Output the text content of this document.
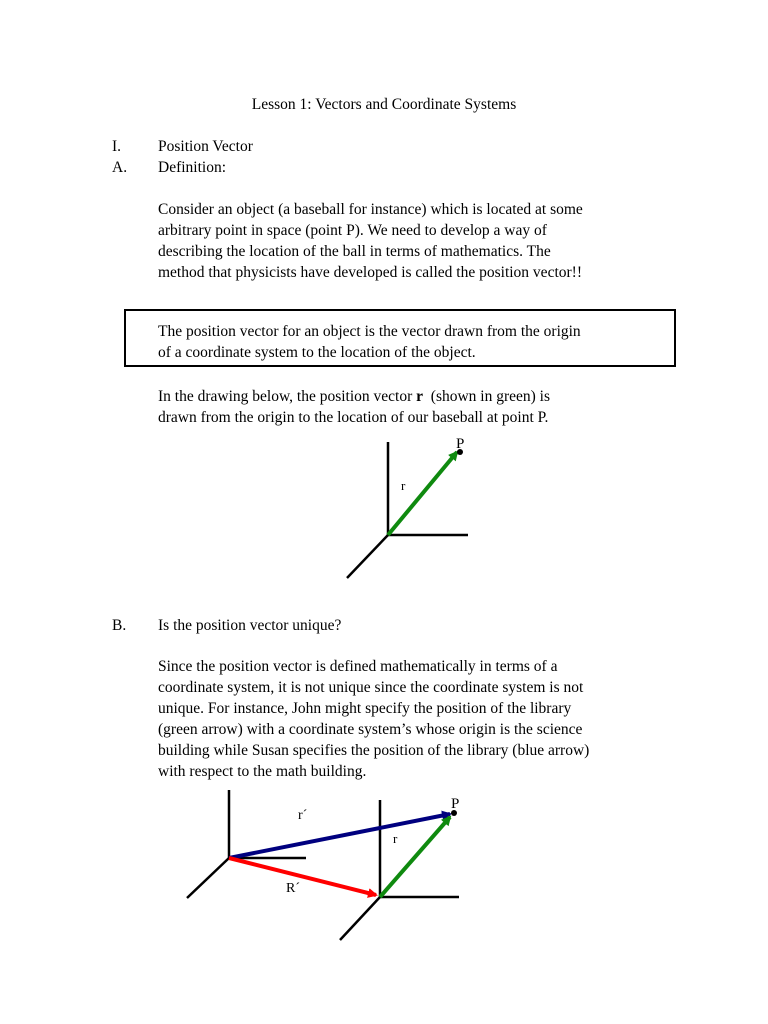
Lesson 1: Vectors and Coordinate Systems
I. Position Vector
A. Definition:
Consider an object (a baseball for instance) which is located at some
arbitrary point in space (point P). We need to develop a way of
describing the location of the ball in terms of mathematics. The
method that physicists have developed is called the position vector!!
The position vector for an object is the vector drawn from the origin
of a coordinate system to the location of the object.
In the drawing below, the position vector r  (shown in green) is
drawn from the origin to the location of our baseball at point P.
P
r
B. Is the position vector unique?
Since the position vector is defined mathematically in terms of a
coordinate system, it is not unique since the coordinate system is not
unique. For instance, John might specify the position of the library
(green arrow) with a coordinate system’s whose origin is the science
building while Susan specifies the position of the library (blue arrow)
with respect to the math building.
P
r´
r
R´
